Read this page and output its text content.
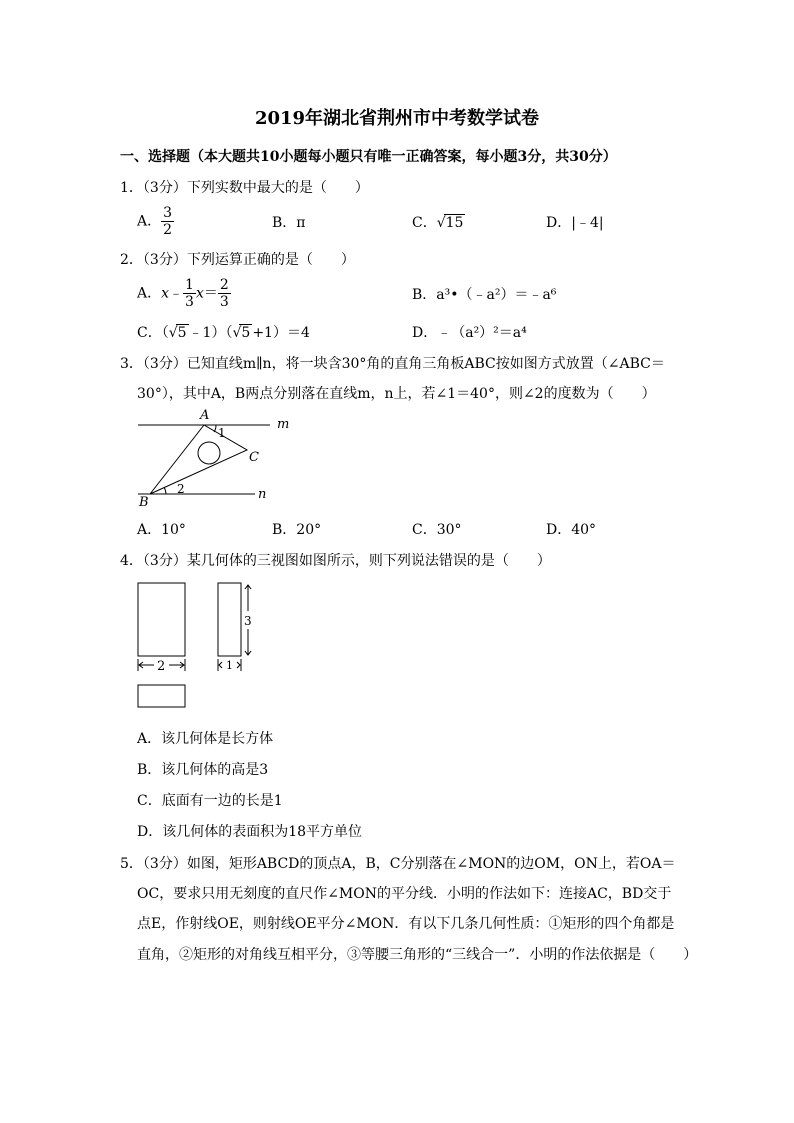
2019年湖北省荆州市中考数学试卷
一、选择题（本大题共10小题每小题只有唯一正确答案，每小题3分，共30分）
1．（3分）下列实数中最大的是（　　）
A． $\frac{3}{2}$	B．π	C．√15	D．|﹣4|
2．（3分）下列运算正确的是（　　）
A．x﹣ $\frac{1}{3} x= \frac{2}{3}$	B．a³•（﹣a²）＝﹣a⁶
C．（√5 ﹣1）（√5 +1）＝4	D．﹣（a²）²＝a⁴
3．（3分）已知直线m∥n，将一块含30°角的直角三角板ABC按如图方式放置（∠ABC＝
30°），其中A，B两点分别落在直线m，n上，若∠1＝40°，则∠2的度数为（　　）
A
B
C
m
n
1
2
A．10°	B．20°	C．30°	D．40°
4．（3分）某几何体的三视图如图所示，则下列说法错误的是（　　）
2
3
1
A．该几何体是长方体
B．该几何体的高是3
C．底面有一边的长是1
D．该几何体的表面积为18平方单位
5．（3分）如图，矩形ABCD的顶点A，B，C分别落在∠MON的边OM，ON上，若OA＝
OC，要求只用无刻度的直尺作∠MON的平分线．小明的作法如下：连接AC，BD交于
点E，作射线OE，则射线OE平分∠MON．有以下几条几何性质：①矩形的四个角都是
直角，②矩形的对角线互相平分，③等腰三角形的“三线合一”．小明的作法依据是（　　）
